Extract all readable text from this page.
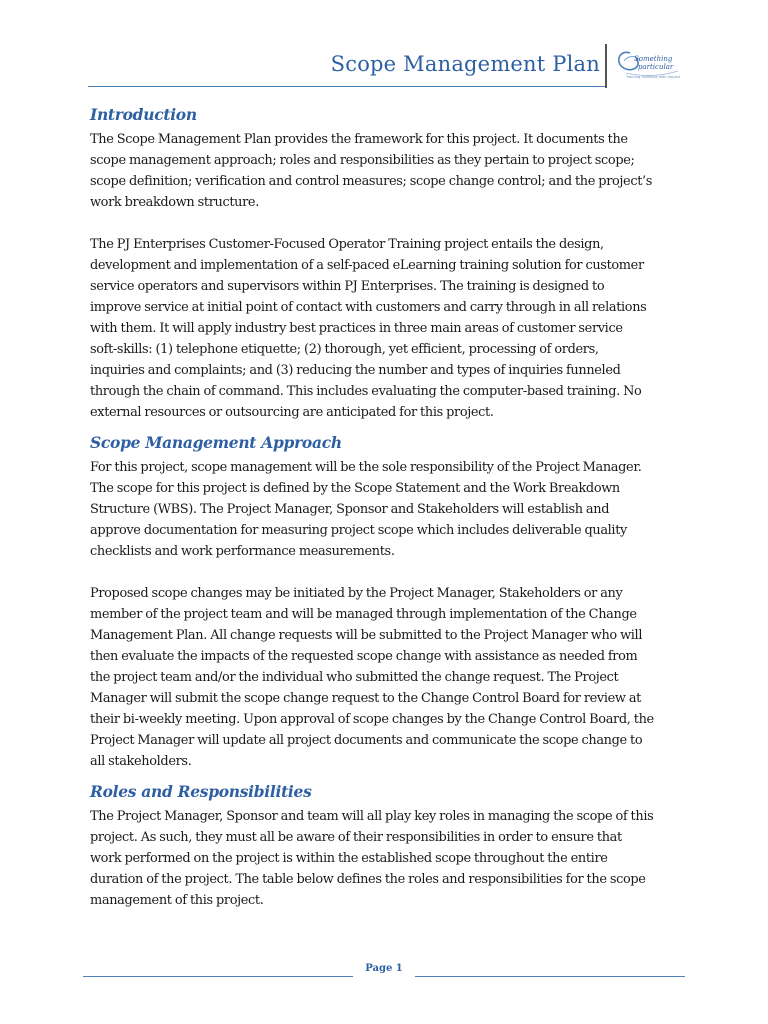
Scope Management Plan	Something
particular
Training Solutions with Impact
Introduction

The Scope Management Plan provides the framework for this project. It documents the
scope management approach; roles and responsibilities as they pertain to project scope;
scope definition; verification and control measures; scope change control; and the project’s
work breakdown structure.

The PJ Enterprises Customer-Focused Operator Training project entails the design,
development and implementation of a self-paced eLearning training solution for customer
service operators and supervisors within PJ Enterprises. The training is designed to
improve service at initial point of contact with customers and carry through in all relations
with them. It will apply industry best practices in three main areas of customer service
soft-skills: (1) telephone etiquette; (2) thorough, yet efficient, processing of orders,
inquiries and complaints; and (3) reducing the number and types of inquiries funneled
through the chain of command. This includes evaluating the computer-based training. No
external resources or outsourcing are anticipated for this project.

Scope Management Approach

For this project, scope management will be the sole responsibility of the Project Manager.
The scope for this project is defined by the Scope Statement and the Work Breakdown
Structure (WBS). The Project Manager, Sponsor and Stakeholders will establish and
approve documentation for measuring project scope which includes deliverable quality
checklists and work performance measurements.

Proposed scope changes may be initiated by the Project Manager, Stakeholders or any
member of the project team and will be managed through implementation of the Change
Management Plan. All change requests will be submitted to the Project Manager who will
then evaluate the impacts of the requested scope change with assistance as needed from
the project team and/or the individual who submitted the change request. The Project
Manager will submit the scope change request to the Change Control Board for review at
their bi-weekly meeting. Upon approval of scope changes by the Change Control Board, the
Project Manager will update all project documents and communicate the scope change to
all stakeholders.

Roles and Responsibilities

The Project Manager, Sponsor and team will all play key roles in managing the scope of this
project. As such, they must all be aware of their responsibilities in order to ensure that
work performed on the project is within the established scope throughout the entire
duration of the project. The table below defines the roles and responsibilities for the scope
management of this project.

Page 1
